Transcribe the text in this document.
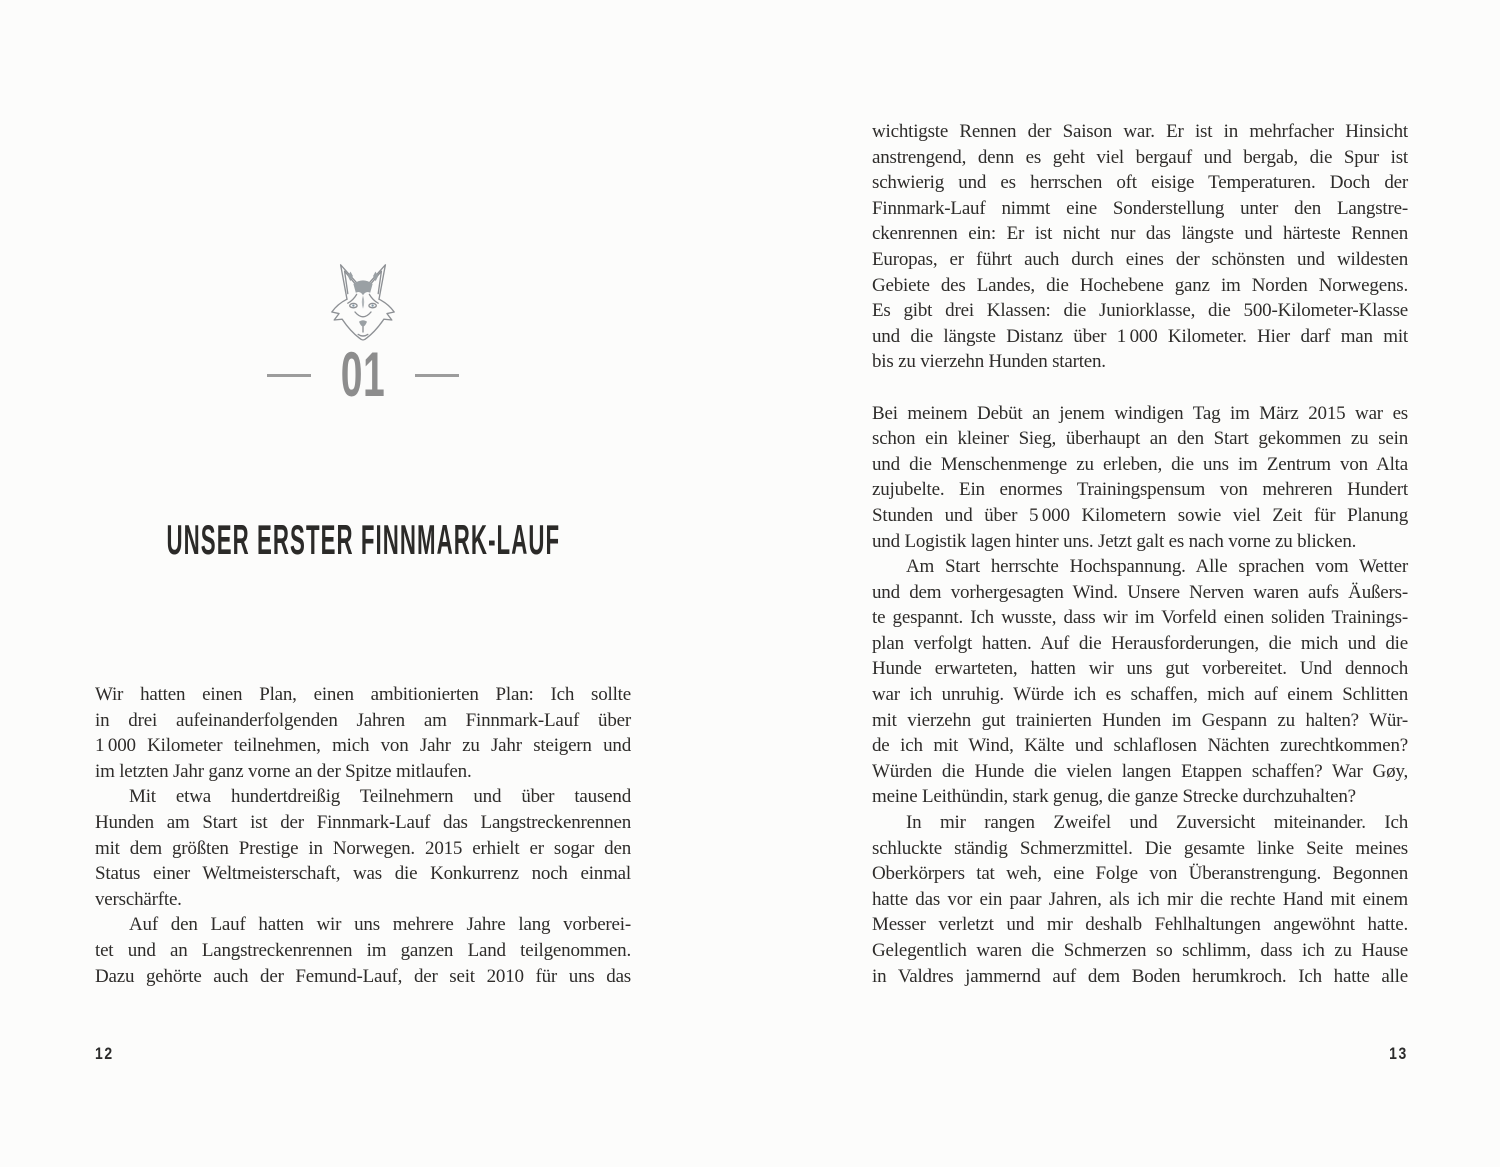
01
UNSER ERSTER FINNMARK-LAUF
Wir hatten einen Plan, einen ambitionierten Plan: Ich sollte
in drei aufeinanderfolgenden Jahren am Finnmark-Lauf über
1 000 Kilometer teilnehmen, mich von Jahr zu Jahr steigern und
im letzten Jahr ganz vorne an der Spitze mitlaufen.
Mit etwa hundertdreißig Teilnehmern und über tausend
Hunden am Start ist der Finnmark-Lauf das Langstreckenrennen
mit dem größten Prestige in Norwegen. 2015 erhielt er sogar den
Status einer Weltmeisterschaft, was die Konkurrenz noch einmal
verschärfte.
Auf den Lauf hatten wir uns mehrere Jahre lang vorberei-
tet und an Langstreckenrennen im ganzen Land teilgenommen.
Dazu gehörte auch der Femund-Lauf, der seit 2010 für uns das
12
wichtigste Rennen der Saison war. Er ist in mehrfacher Hinsicht
anstrengend, denn es geht viel bergauf und bergab, die Spur ist
schwierig und es herrschen oft eisige Temperaturen. Doch der
Finnmark-Lauf nimmt eine Sonderstellung unter den Langstre-
ckenrennen ein: Er ist nicht nur das längste und härteste Rennen
Europas, er führt auch durch eines der schönsten und wildesten
Gebiete des Landes, die Hochebene ganz im Norden Norwegens.
Es gibt drei Klassen: die Juniorklasse, die 500-Kilometer-Klasse
und die längste Distanz über 1 000 Kilometer. Hier darf man mit
bis zu vierzehn Hunden starten.
Bei meinem Debüt an jenem windigen Tag im März 2015 war es
schon ein kleiner Sieg, überhaupt an den Start gekommen zu sein
und die Menschenmenge zu erleben, die uns im Zentrum von Alta
zujubelte. Ein enormes Trainingspensum von mehreren Hundert
Stunden und über 5 000 Kilometern sowie viel Zeit für Planung
und Logistik lagen hinter uns. Jetzt galt es nach vorne zu blicken.
Am Start herrschte Hochspannung. Alle sprachen vom Wetter
und dem vorhergesagten Wind. Unsere Nerven waren aufs Äußers-
te gespannt. Ich wusste, dass wir im Vorfeld einen soliden Trainings-
plan verfolgt hatten. Auf die Herausforderungen, die mich und die
Hunde erwarteten, hatten wir uns gut vorbereitet. Und dennoch
war ich unruhig. Würde ich es schaffen, mich auf einem Schlitten
mit vierzehn gut trainierten Hunden im Gespann zu halten? Wür-
de ich mit Wind, Kälte und schlaflosen Nächten zurechtkommen?
Würden die Hunde die vielen langen Etappen schaffen? War Gøy,
meine Leithündin, stark genug, die ganze Strecke durchzuhalten?
In mir rangen Zweifel und Zuversicht miteinander. Ich
schluckte ständig Schmerzmittel. Die gesamte linke Seite meines
Oberkörpers tat weh, eine Folge von Überanstrengung. Begonnen
hatte das vor ein paar Jahren, als ich mir die rechte Hand mit einem
Messer verletzt und mir deshalb Fehlhaltungen angewöhnt hatte.
Gelegentlich waren die Schmerzen so schlimm, dass ich zu Hause
in Valdres jammernd auf dem Boden herumkroch. Ich hatte alle
13
